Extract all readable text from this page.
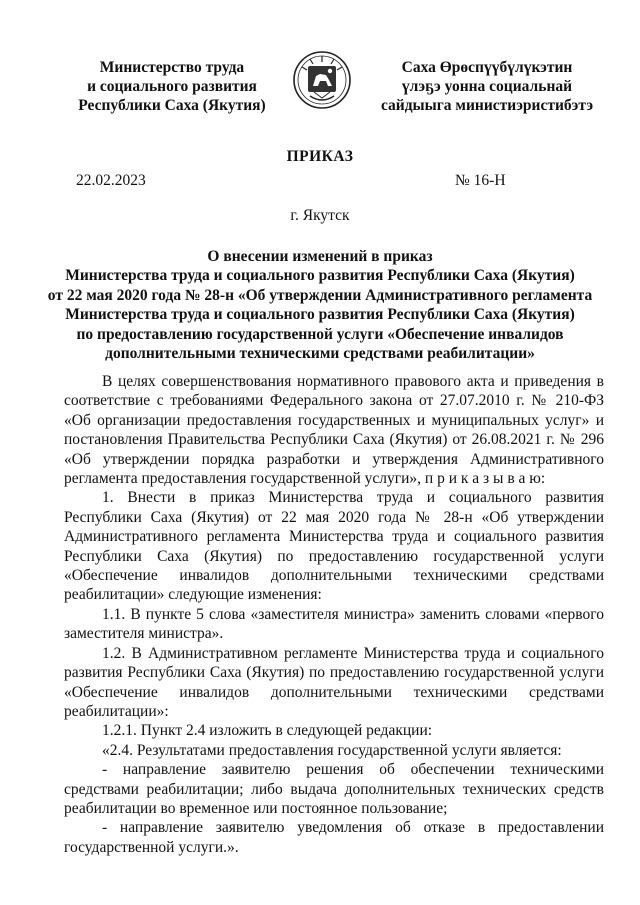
Министерство труда
и социального развития
Республики Саха (Якутия)
Саха Өрөспүүбүлүкэтин
үлэҕэ уонна социальнай
сайдыыга министиэристибэтэ
ПРИКАЗ
22.02.2023	№ 16-Н
г. Якутск
О внесении изменений в приказ
Министерства труда и социального развития Республики Саха (Якутия)
от 22 мая 2020 года № 28-н «Об утверждении Административного регламента
Министерства труда и социального развития Республики Саха (Якутия)
по предоставлению государственной услуги «Обеспечение инвалидов
дополнительными техническими средствами реабилитации»

В целях совершенствования нормативного правового акта и приведения в соответствие с требованиями Федерального закона от 27.07.2010 г. № 210-ФЗ «Об организации предоставления государственных и муниципальных услуг» и постановления Правительства Республики Саха (Якутия) от 26.08.2021 г. № 296 «Об утверждении порядка разработки и утверждения Административного регламента предоставления государственной услуги», п р и к а з ы в а ю:

1. Внести в приказ Министерства труда и социального развития Республики Саха (Якутия) от 22 мая 2020 года № 28-н «Об утверждении Административного регламента Министерства труда и социального развития Республики Саха (Якутия) по предоставлению государственной услуги «Обеспечение инвалидов дополнительными техническими средствами реабилитации» следующие изменения:

1.1. В пункте 5 слова «заместителя министра» заменить словами «первого заместителя министра».

1.2. В Административном регламенте Министерства труда и социального развития Республики Саха (Якутия) по предоставлению государственной услуги «Обеспечение инвалидов дополнительными техническими средствами реабилитации»:

1.2.1. Пункт 2.4 изложить в следующей редакции:

«2.4. Результатами предоставления государственной услуги является:

- направление заявителю решения об обеспечении техническими средствами реабилитации; либо выдача дополнительных технических средств реабилитации во временное или постоянное пользование;

- направление заявителю уведомления об отказе в предоставлении государственной услуги.».
